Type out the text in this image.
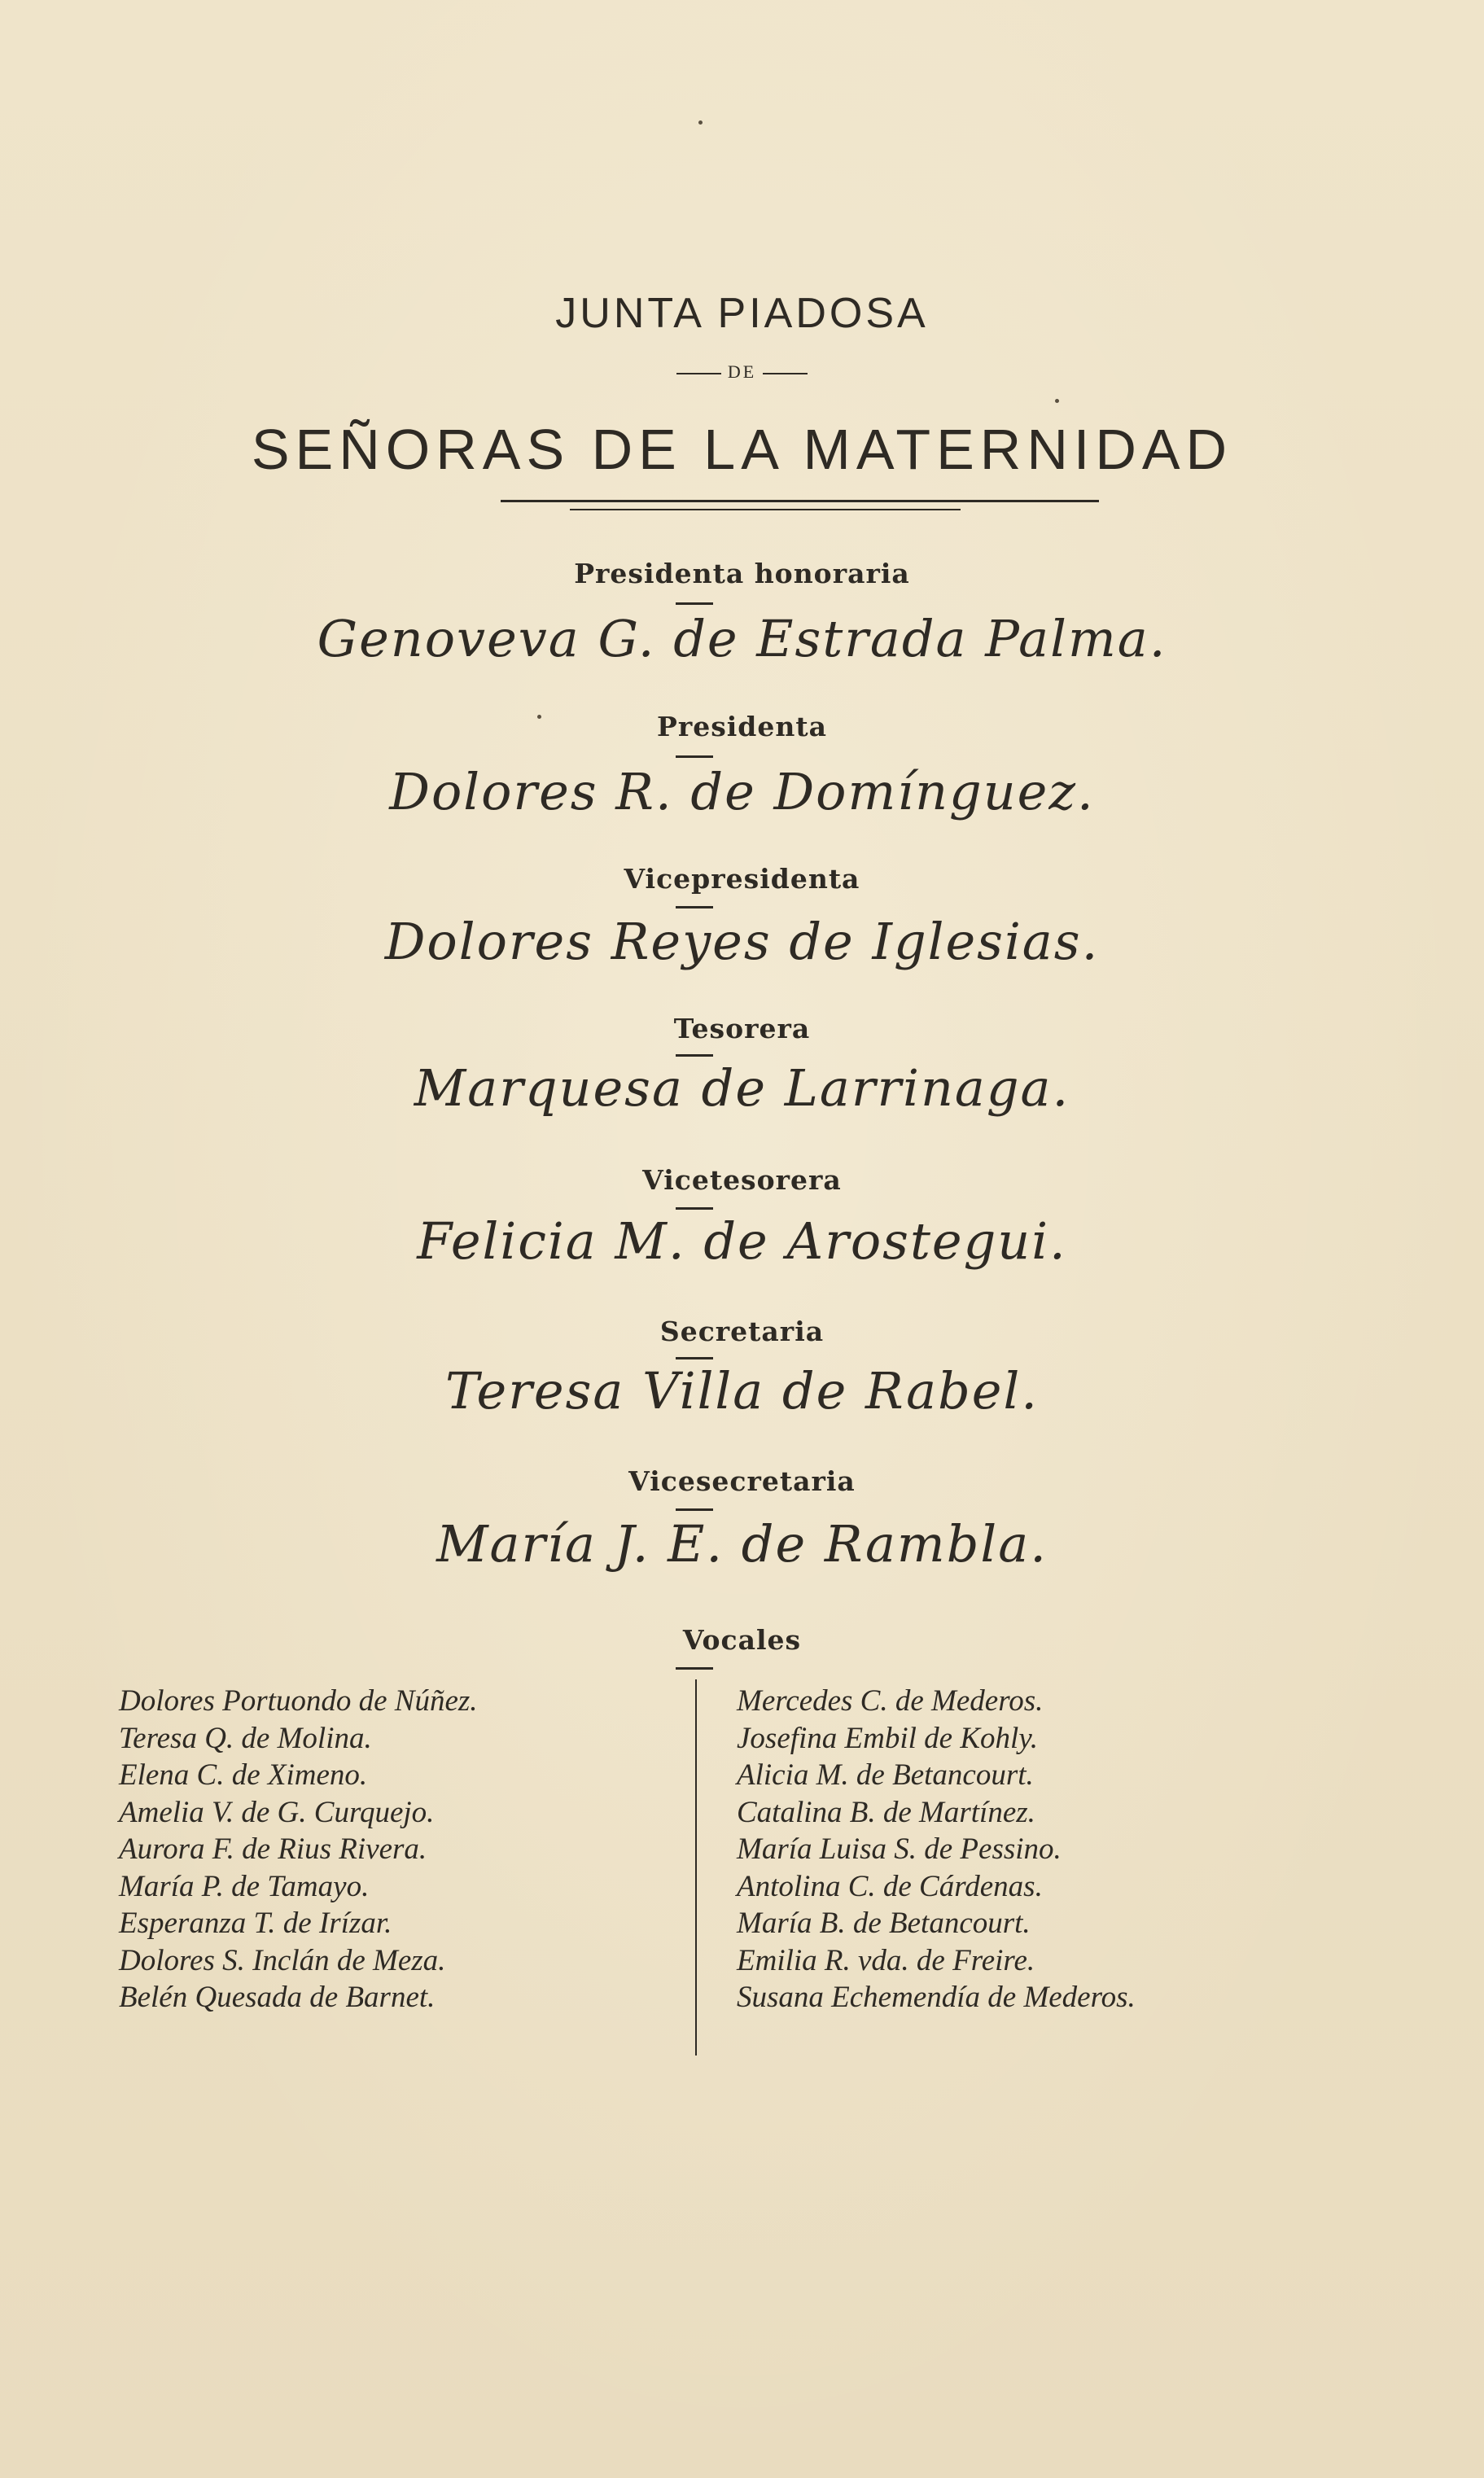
JUNTA PIADOSA
DE
SEÑORAS DE LA MATERNIDAD
Presidenta honoraria
Genoveva G. de Estrada Palma.
Presidenta
Dolores R. de Domínguez.
Vicepresidenta
Dolores Reyes de Iglesias.
Tesorera
Marquesa de Larrinaga.
Vicetesorera
Felicia M. de Arostegui.
Secretaria
Teresa Villa de Rabel.
Vicesecretaria
María J. E. de Rambla.
Vocales
Dolores Portuondo de Núñez.
Teresa Q. de Molina.
Elena C. de Ximeno.
Amelia V. de G. Curquejo.
Aurora F. de Rius Rivera.
María P. de Tamayo.
Esperanza T. de Irízar.
Dolores S. Inclán de Meza.
Belén Quesada de Barnet.
Mercedes C. de Mederos.
Josefina Embil de Kohly.
Alicia M. de Betancourt.
Catalina B. de Martínez.
María Luisa S. de Pessino.
Antolina C. de Cárdenas.
María B. de Betancourt.
Emilia R. vda. de Freire.
Susana Echemendía de Mederos.
